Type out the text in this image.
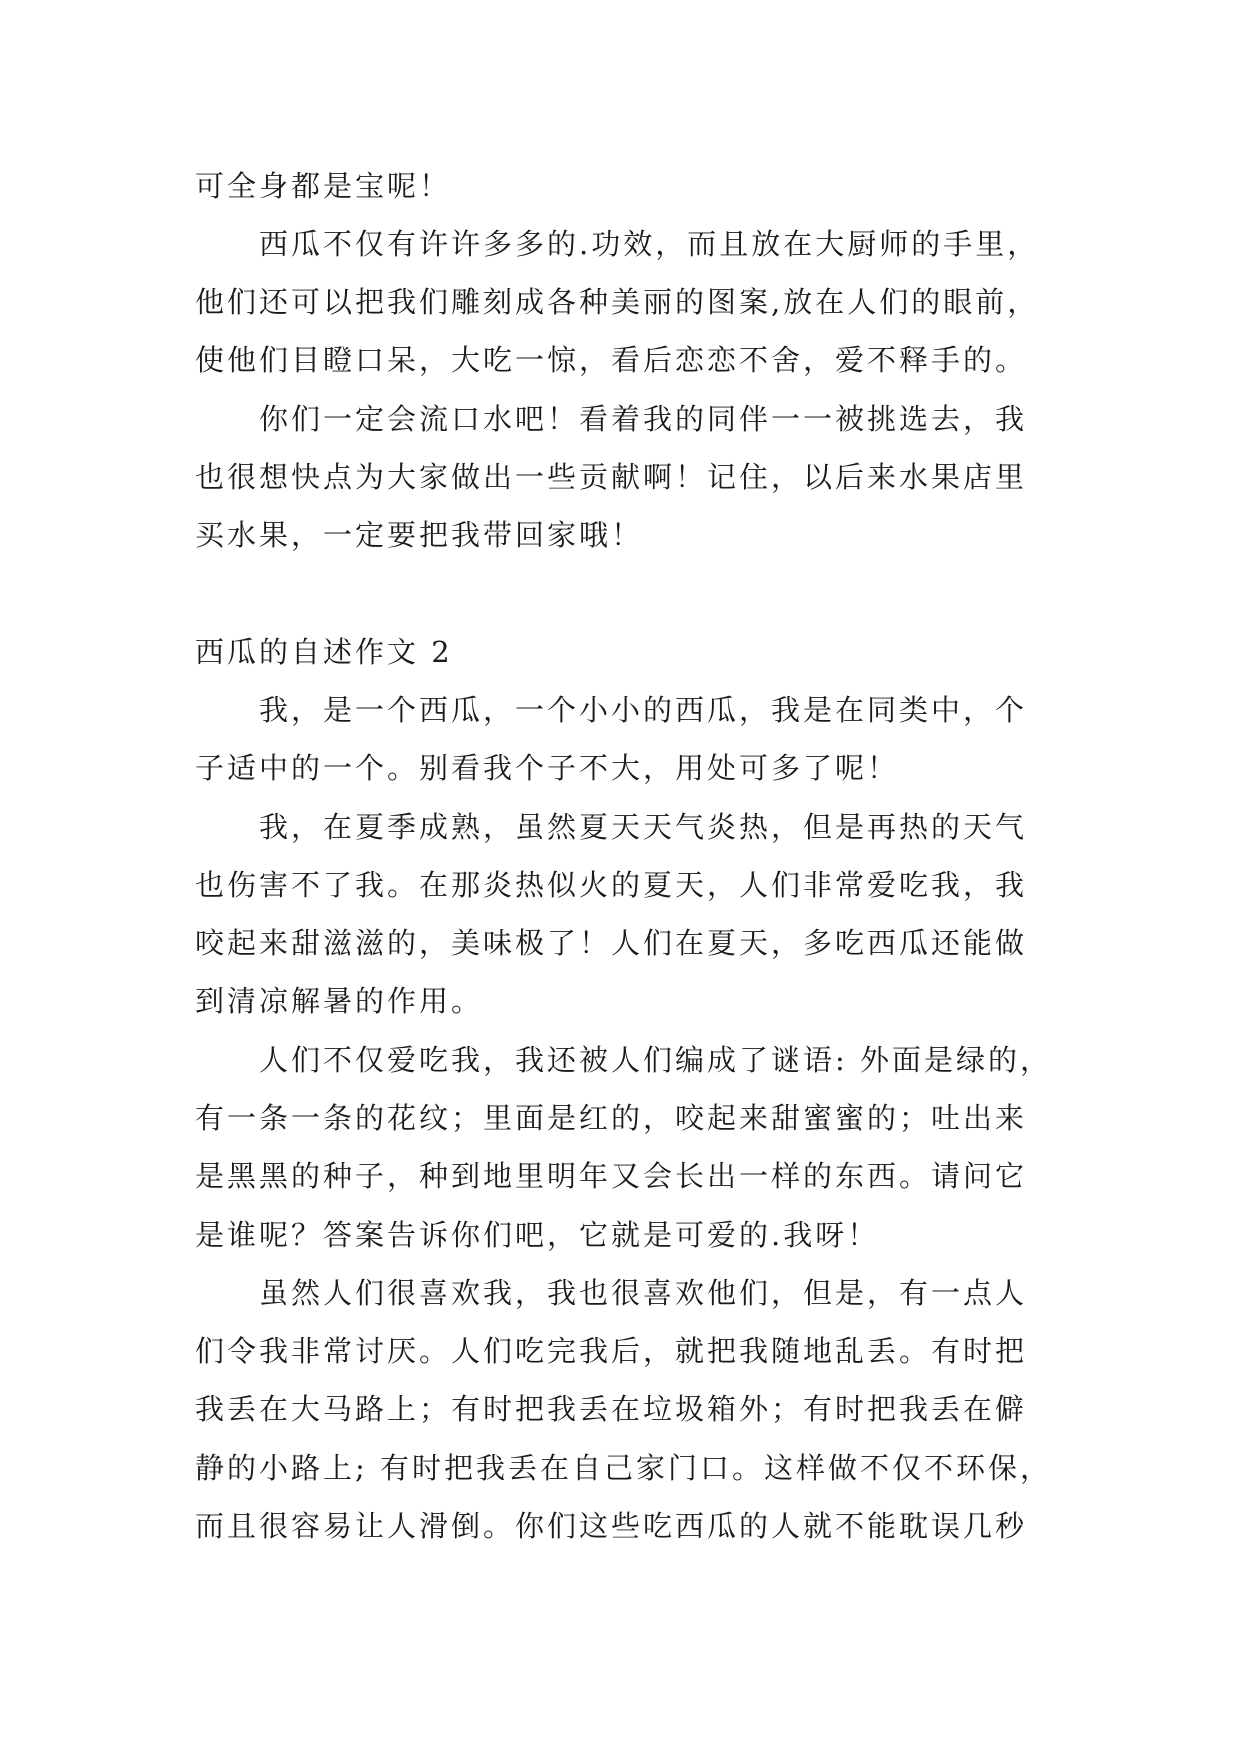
可全身都是宝呢！
西瓜不仅有许许多多的.功效，而且放在大厨师的手里，
他们还可以把我们雕刻成各种美丽的图案,放在人们的眼前，
使他们目瞪口呆，大吃一惊，看后恋恋不舍，爱不释手的。
你们一定会流口水吧！看着我的同伴一一被挑选去，我
也很想快点为大家做出一些贡献啊！记住，以后来水果店里
买水果，一定要把我带回家哦！
西瓜的自述作文 2
我，是一个西瓜，一个小小的西瓜，我是在同类中，个
子适中的一个。别看我个子不大，用处可多了呢！
我，在夏季成熟，虽然夏天天气炎热，但是再热的天气
也伤害不了我。在那炎热似火的夏天，人们非常爱吃我，我
咬起来甜滋滋的，美味极了！人们在夏天，多吃西瓜还能做
到清凉解暑的作用。
人们不仅爱吃我，我还被人们编成了谜语: 外面是绿的，
有一条一条的花纹；里面是红的，咬起来甜蜜蜜的；吐出来
是黑黑的种子，种到地里明年又会长出一样的东西。请问它
是谁呢？答案告诉你们吧，它就是可爱的.我呀！
虽然人们很喜欢我，我也很喜欢他们，但是，有一点人
们令我非常讨厌。人们吃完我后，就把我随地乱丢。有时把
我丢在大马路上；有时把我丢在垃圾箱外；有时把我丢在僻
静的小路上; 有时把我丢在自己家门口。这样做不仅不环保，
而且很容易让人滑倒。你们这些吃西瓜的人就不能耽误几秒
